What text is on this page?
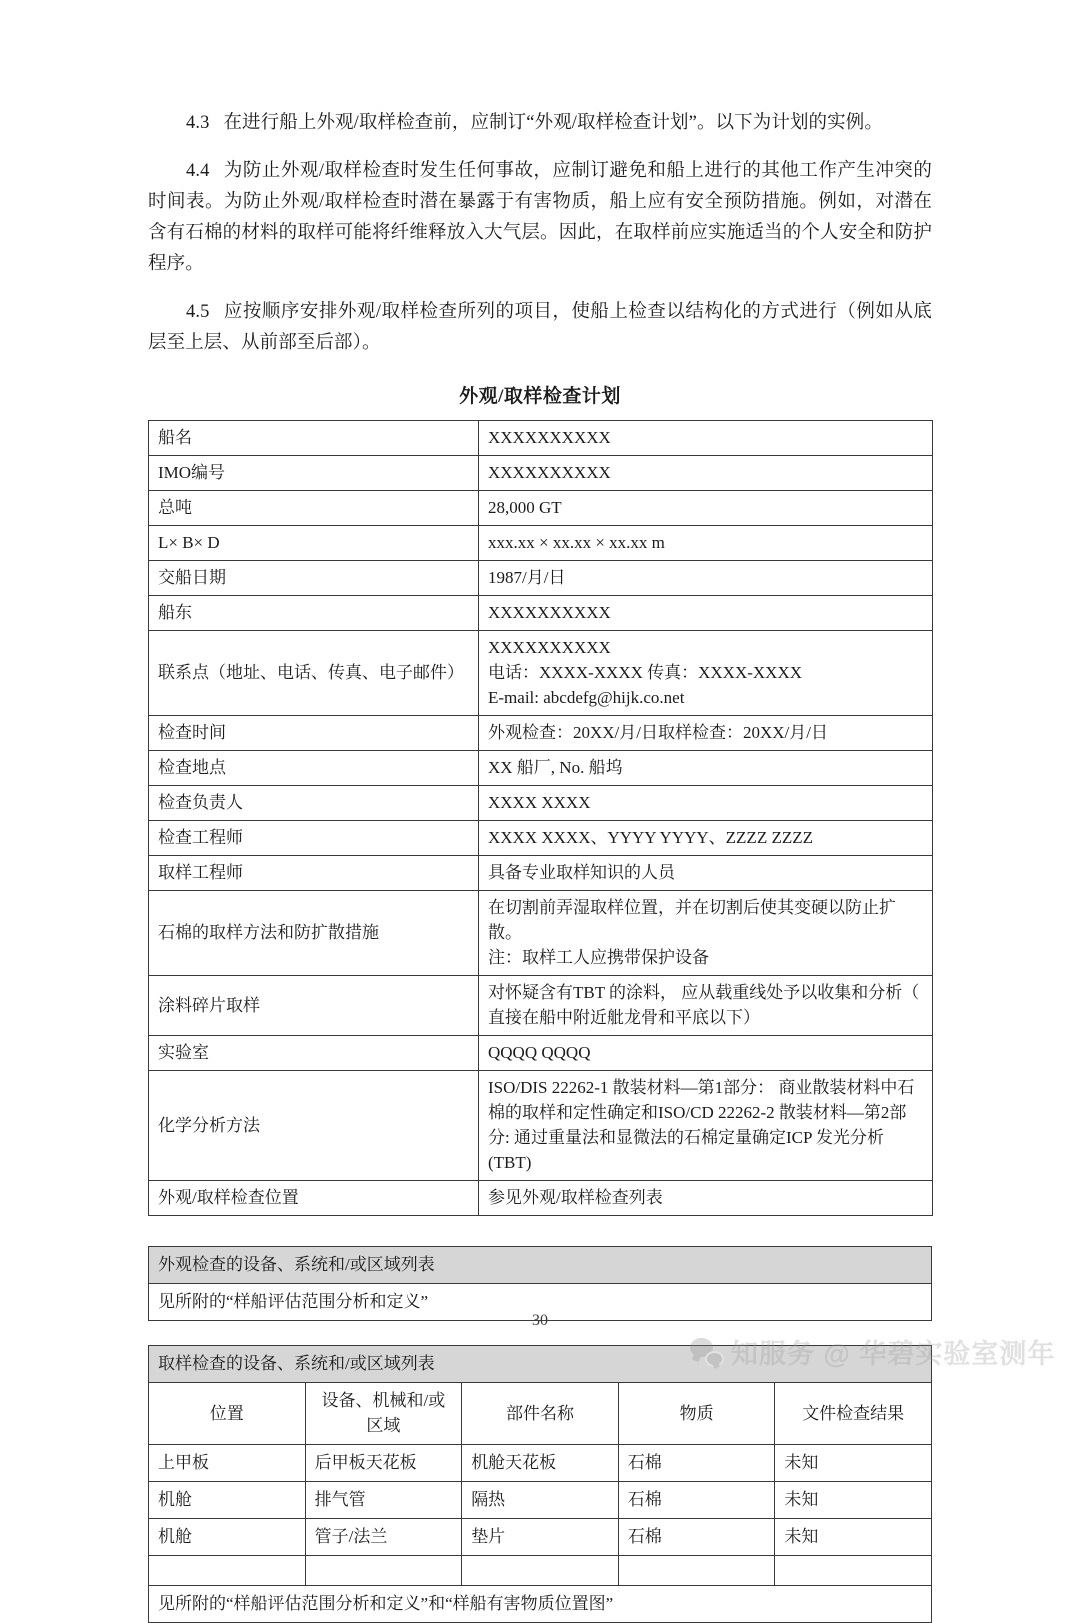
4.3 在进行船上外观/取样检查前，应制订“外观/取样检查计划”。以下为计划的实例。

4.4 为防止外观/取样检查时发生任何事故，应制订避免和船上进行的其他工作产生冲突的时间表。为防止外观/取样检查时潜在暴露于有害物质，船上应有安全预防措施。例如，对潜在含有石棉的材料的取样可能将纤维释放入大气层。因此，在取样前应实施适当的个人安全和防护程序。

4.5 应按顺序安排外观/取样检查所列的项目，使船上检查以结构化的方式进行（例如从底层至上层、从前部至后部）。

外观/取样检查计划
船名	XXXXXXXXXX
IMO编号	XXXXXXXXXX
总吨	28,000 GT
L× B× D	xxx.xx × xx.xx × xx.xx m
交船日期	1987/月/日
船东	XXXXXXXXXX
联系点（地址、电话、传真、电子邮件）	XXXXXXXXXX
电话：XXXX-XXXX 传真：XXXX-XXXX
E-mail: abcdefg@hijk.co.net

检查时间	外观检查：20XX/月/日取样检查：20XX/月/日
检查地点	XX 船厂, No. 船坞
检查负责人	XXXX XXXX
检查工程师	XXXX XXXX、YYYY YYYY、ZZZZ ZZZZ
取样工程师	具备专业取样知识的人员
石棉的取样方法和防扩散措施	在切割前弄湿取样位置，并在切割后使其变硬以防止扩散。
注：取样工人应携带保护设备

涂料碎片取样	对怀疑含有TBT 的涂料， 应从载重线处予以收集和分析（ 直接在船中附近舭龙骨和平底以下）
实验室	QQQQ QQQQ
化学分析方法	ISO/DIS 22262-1 散装材料—第1部分： 商业散装材料中石棉的取样和定性确定和ISO/CD 22262-2 散装材料—第2部分: 通过重量法和显微法的石棉定量确定ICP 发光分析 (TBT)
外观/取样检查位置	参见外观/取样检查列表
外观检查的设备、系统和/或区域列表
见所附的“样船评估范围分析和定义”
取样检查的设备、系统和/或区域列表				
位置	设备、机械和/或区域	部件名称	物质	文件检查结果
上甲板	后甲板天花板	机舱天花板	石棉	未知
机舱	排气管	隔热	石棉	未知
机舱	管子/法兰	垫片	石棉	未知

见所附的“样船评估范围分析和定义”和“样船有害物质位置图”				
30
知服务 @ 华碧实验室测年
